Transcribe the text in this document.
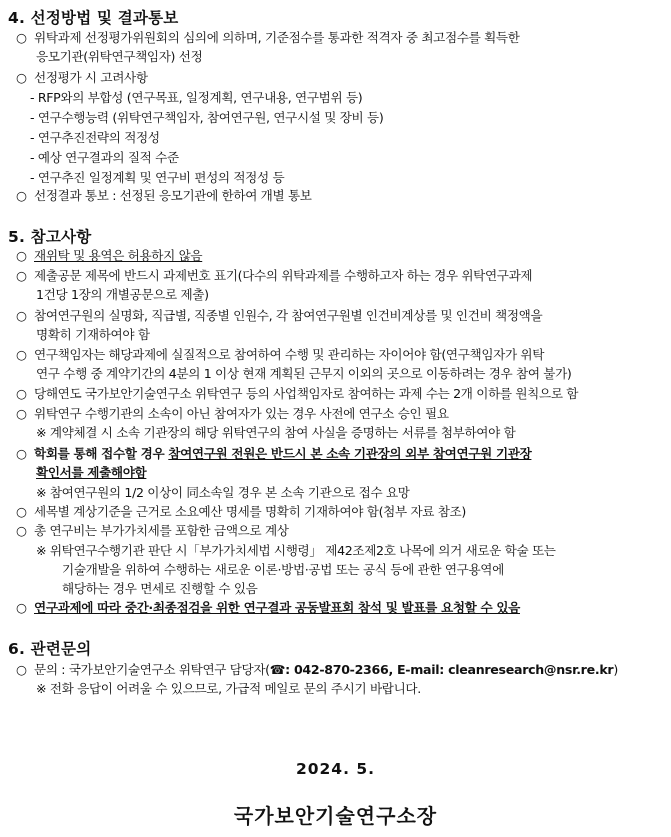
4. 선정방법 및 결과통보
○ 위탁과제 선정평가위원회의 심의에 의하며, 기준점수를 통과한 적격자 중 최고점수를 획득한
응모기관(위탁연구책임자) 선정
○ 선정평가 시 고려사항
- RFP와의 부합성 (연구목표, 일정계획, 연구내용, 연구범위 등)
- 연구수행능력 (위탁연구책임자, 참여연구원, 연구시설 및 장비 등)
- 연구추진전략의 적정성
- 예상 연구결과의 질적 수준
- 연구추진 일정계획 및 연구비 편성의 적정성 등
○ 선정결과 통보 : 선정된 응모기관에 한하여 개별 통보
5. 참고사항
○ 재위탁 및 용역은 허용하지 않음
○ 제출공문 제목에 반드시 과제번호 표기(다수의 위탁과제를 수행하고자 하는 경우 위탁연구과제
1건당 1장의 개별공문으로 제출)
○ 참여연구원의 실명화, 직급별, 직종별 인원수, 각 참여연구원별 인건비계상를 및 인건비 책정액을
명확히 기재하여야 함
○ 연구책임자는 해당과제에 실질적으로 참여하여 수행 및 관리하는 자이어야 함(연구책임자가 위탁
연구 수행 중 계약기간의 4분의 1 이상 현재 계획된 근무지 이외의 곳으로 이동하려는 경우 참여 불가)
○ 당해연도 국가보안기술연구소 위탁연구 등의 사업책임자로 참여하는 과제 수는 2개 이하를 원칙으로 함
○ 위탁연구 수행기관의 소속이 아닌 참여자가 있는 경우 사전에 연구소 승인 필요
※ 계약체결 시 소속 기관장의 해당 위탁연구의 참여 사실을 증명하는 서류를 첨부하여야 함
○ 학회를 통해 접수할 경우 참여연구원 전원은 반드시 본 소속 기관장의 외부 참여연구원 기관장
확인서를 제출해야함
※ 참여연구원의 1/2 이상이 同소속일 경우 본 소속 기관으로 접수 요망
○ 세목별 계상기준을 근거로 소요예산 명세를 명확히 기재하여야 함(첨부 자료 참조)
○ 총 연구비는 부가가치세를 포함한 금액으로 계상
※ 위탁연구수행기관 판단 시「부가가치세법 시행령」 제42조제2호 나목에 의거 새로운 학술 또는
기술개발을 위하여 수행하는 새로운 이론·방법·공법 또는 공식 등에 관한 연구용역에
해당하는 경우 면세로 진행할 수 있음
○ 연구과제에 따라 중간·최종점검을 위한 연구결과 공동발표회 참석 및 발표를 요청할 수 있음
6. 관련문의
○ 문의 : 국가보안기술연구소 위탁연구 담당자(☎: 042-870-2366, E-mail: cleanresearch@nsr.re.kr)
※ 전화 응답이 어려울 수 있으므로, 가급적 메일로 문의 주시기 바랍니다.
2024. 5.
국가보안기술연구소장
